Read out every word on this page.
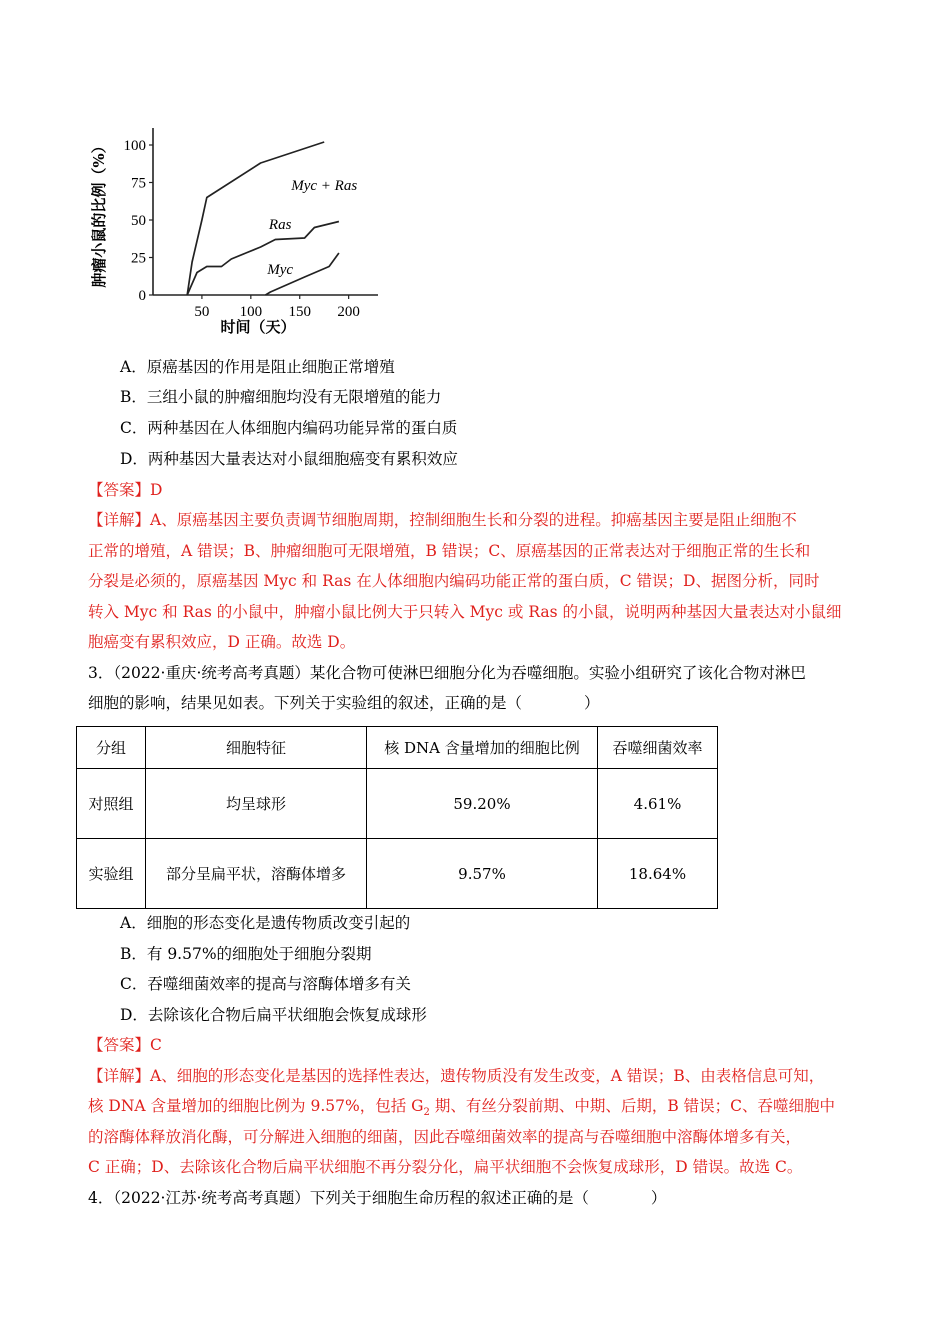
0
25
50
75
100
50 100 150 200
Myc + Ras
Ras
Myc
肿瘤小鼠的比例（%）
时间（天）
A．原癌基因的作用是阻止细胞正常增殖
B．三组小鼠的肿瘤细胞均没有无限增殖的能力
C．两种基因在人体细胞内编码功能异常的蛋白质
D．两种基因大量表达对小鼠细胞癌变有累积效应
【答案】D
【详解】A、原癌基因主要负责调节细胞周期，控制细胞生长和分裂的进程。抑癌基因主要是阻止细胞不
正常的增殖，A 错误；B、肿瘤细胞可无限增殖，B 错误；C、原癌基因的正常表达对于细胞正常的生长和
分裂是必须的，原癌基因 Myc 和 Ras 在人体细胞内编码功能正常的蛋白质，C 错误；D、据图分析，同时
转入 Myc 和 Ras 的小鼠中，肿瘤小鼠比例大于只转入 Myc 或 Ras 的小鼠，说明两种基因大量表达对小鼠细
胞癌变有累积效应，D 正确。故选 D。
3．（2022·重庆·统考高考真题）某化合物可使淋巴细胞分化为吞噬细胞。实验小组研究了该化合物对淋巴
细胞的影响，结果见如表。下列关于实验组的叙述，正确的是（　　　　）
分组	细胞特征	核 DNA 含量增加的细胞比例	吞噬细菌效率
对照组	均呈球形	59.20%	4.61%
实验组	部分呈扁平状，溶酶体增多	9.57%	18.64%
A．细胞的形态变化是遗传物质改变引起的
B．有 9.57%的细胞处于细胞分裂期
C．吞噬细菌效率的提高与溶酶体增多有关
D．去除该化合物后扁平状细胞会恢复成球形
【答案】C
【详解】A、细胞的形态变化是基因的选择性表达，遗传物质没有发生改变，A 错误；B、由表格信息可知，
核 DNA 含量增加的细胞比例为 9.57%，包括 $G_2$ 期、有丝分裂前期、中期、后期，B 错误；C、吞噬细胞中
的溶酶体释放消化酶，可分解进入细胞的细菌，因此吞噬细菌效率的提高与吞噬细胞中溶酶体增多有关，
C 正确；D、去除该化合物后扁平状细胞不再分裂分化，扁平状细胞不会恢复成球形，D 错误。故选 C。
4．（2022·江苏·统考高考真题）下列关于细胞生命历程的叙述正确的是（　　　　）
